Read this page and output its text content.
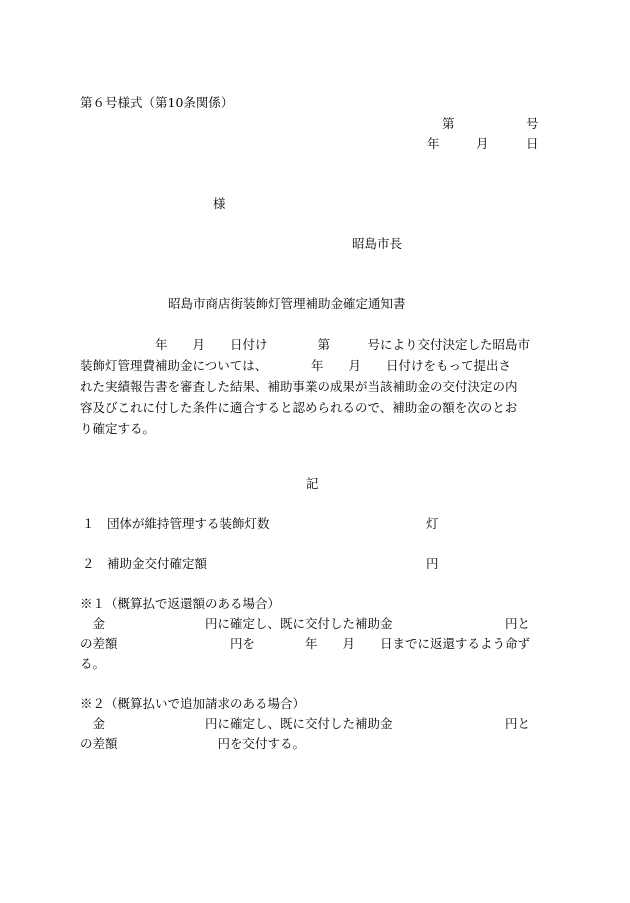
第６号様式（第10条関係）
第	号
年	月	日
様
昭島市長
昭島市商店街装飾灯管理補助金確定通知書
　　　　　　年　　月　　日付け　　　　第　　　号により交付決定した昭島市
装飾灯管理費補助金については、　　　　年　　月　　日付けをもって提出さ
れた実績報告書を審査した結果、補助事業の成果が当該補助金の交付決定の内
容及びこれに付した条件に適合すると認められるので、補助金の額を次のとお
り確定する。
記
１　団体が維持管理する装飾灯数	灯
２　補助金交付確定額	円
※１（概算払で返還額のある場合）
　金　　　　　　　　円に確定し、既に交付した補助金　　　　　　　　　円と
の差額　　　　　　　　　円を　　　　年　　月　　日までに返還するよう命ず
る。
※２（概算払いで追加請求のある場合）
　金　　　　　　　　円に確定し、既に交付した補助金　　　　　　　　　円と
の差額　　　　　　　　円を交付する。
